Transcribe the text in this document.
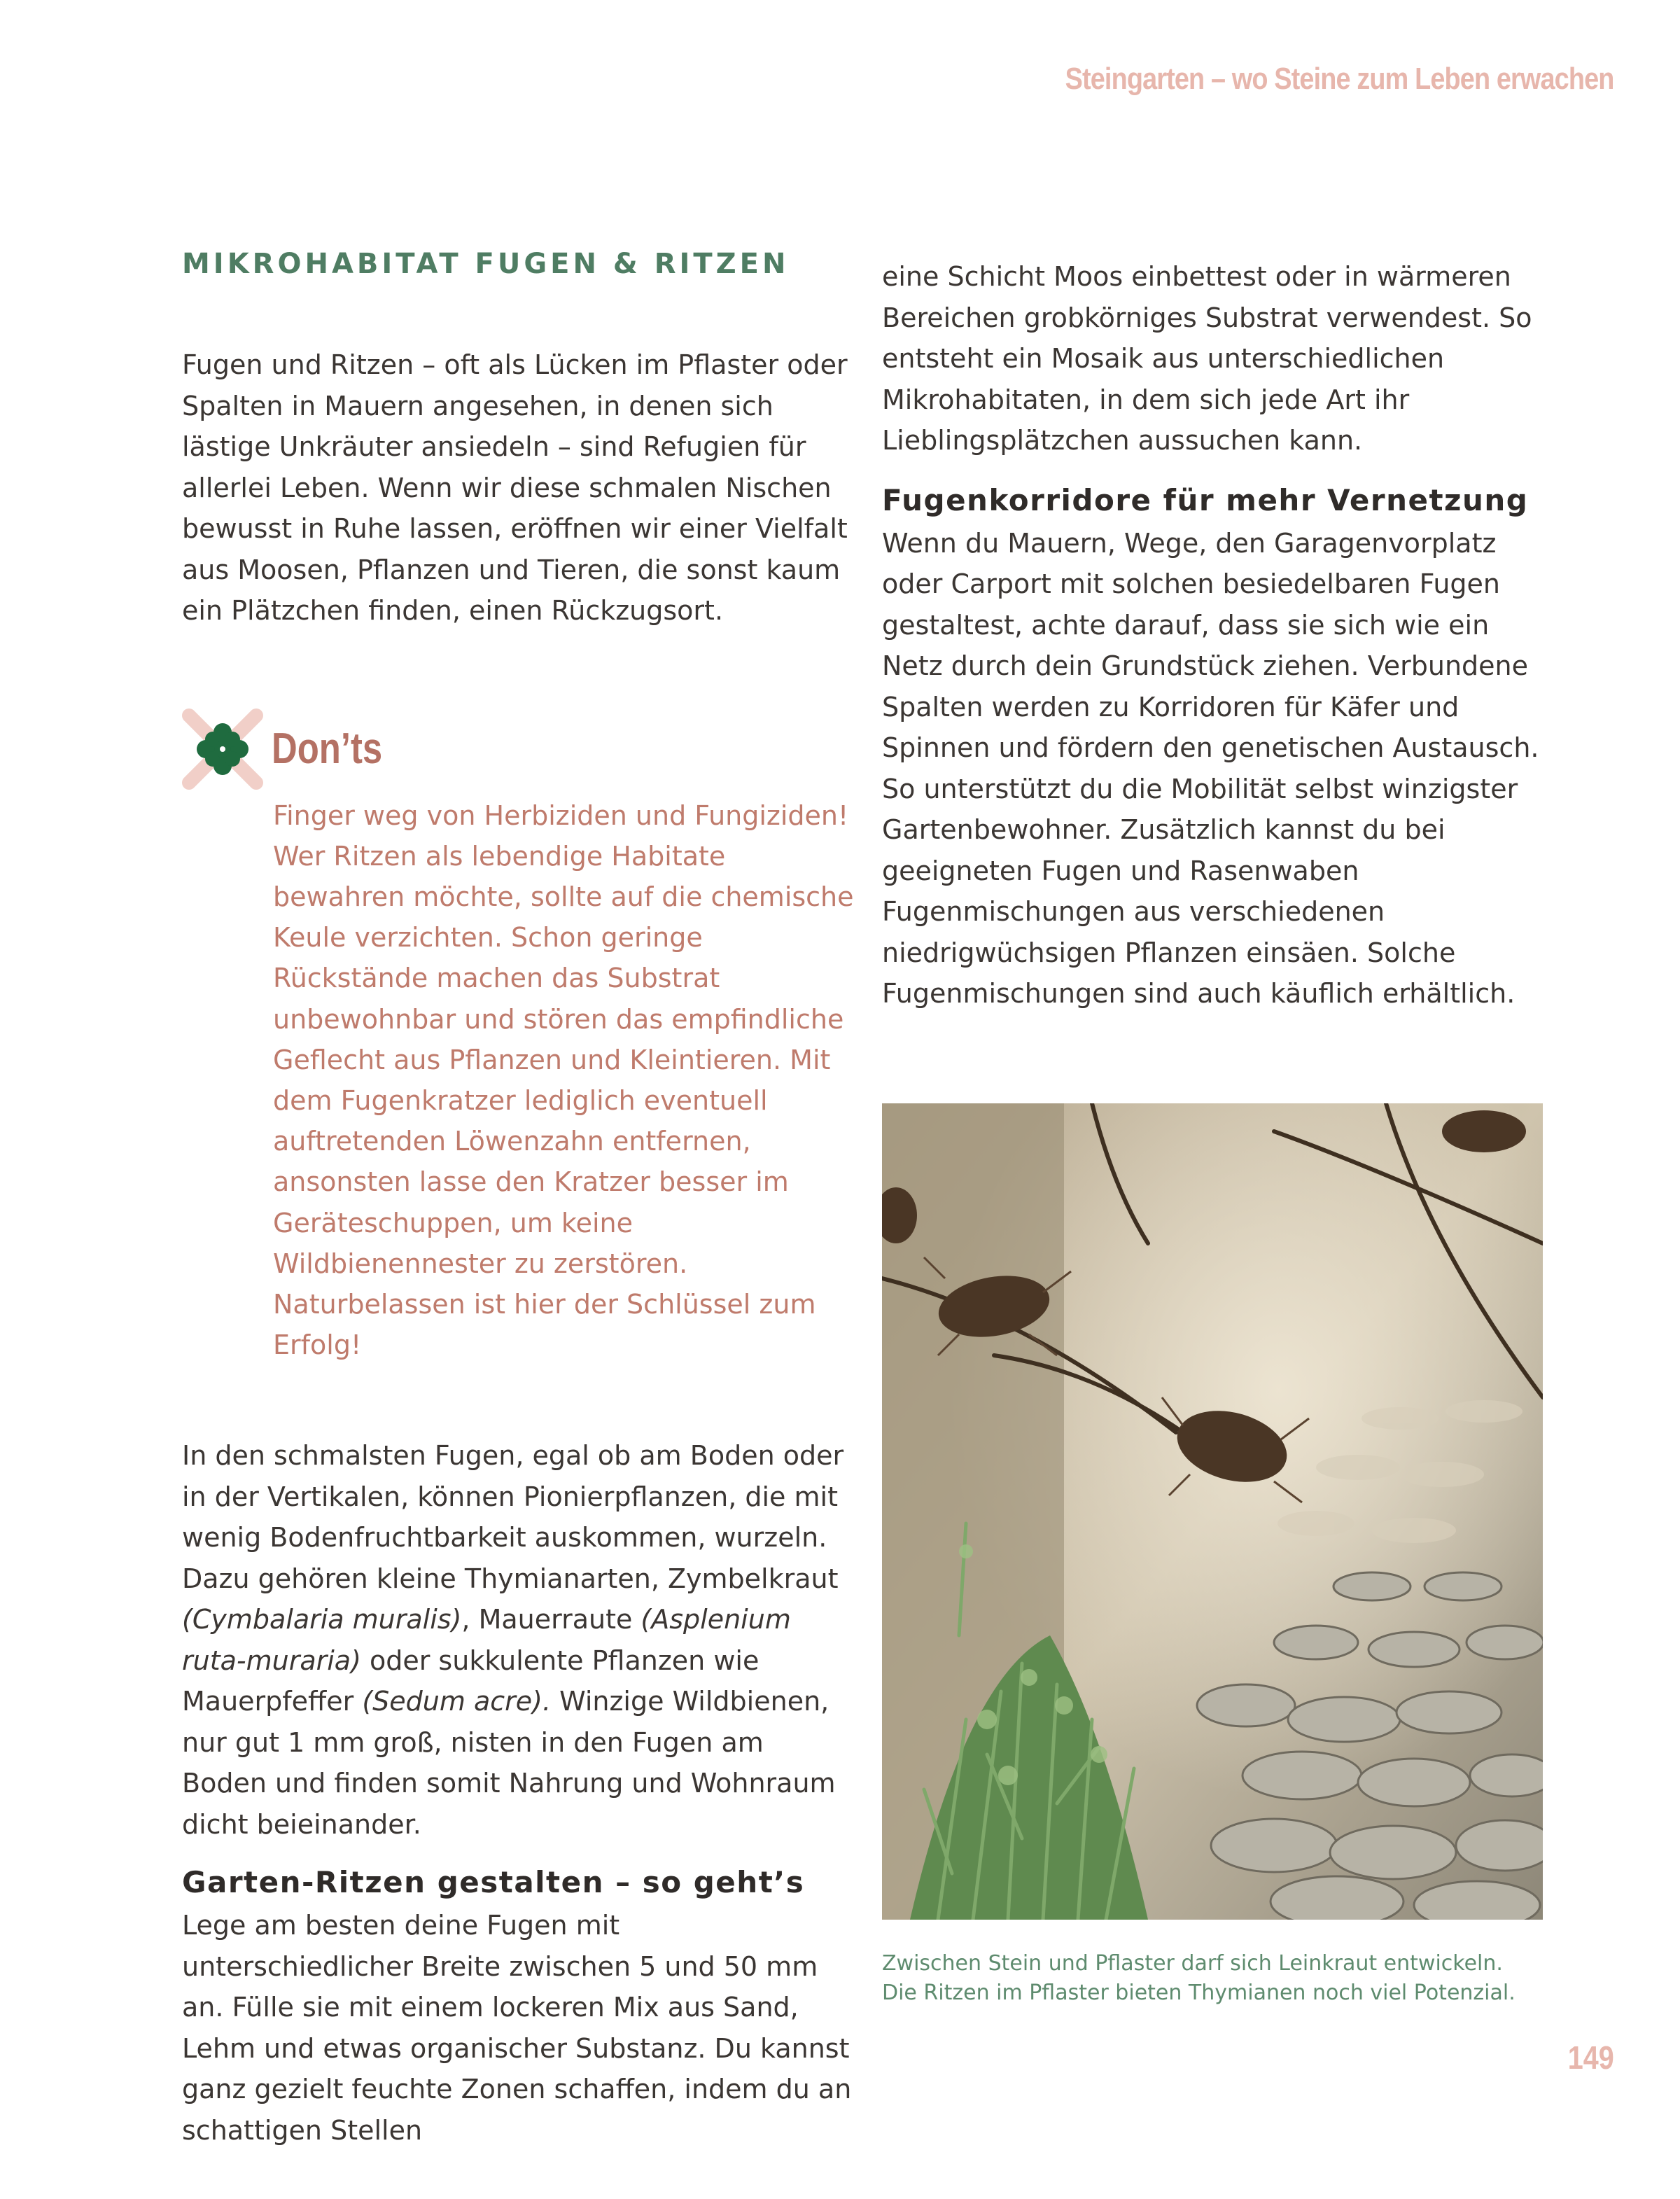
Steingarten – wo Steine zum Leben erwachen
MIKROHABITAT FUGEN & RITZEN

Fugen und Ritzen – oft als Lücken im Pflaster oder Spalten in Mauern angesehen, in denen sich lästige Unkräuter ansiedeln – sind Refugien für allerlei Leben. Wenn wir diese schmalen Nischen bewusst in Ruhe lassen, eröffnen wir einer Vielfalt aus Moosen, Pflanzen und Tieren, die sonst kaum ein Plätzchen finden, einen Rückzugsort.

Don’ts

Finger weg von Herbiziden und Fungiziden! Wer Ritzen als lebendige Habitate bewahren möchte, sollte auf die chemische Keule verzichten. Schon geringe Rückstände machen das Substrat unbewohnbar und stören das empfindliche Geflecht aus Pflanzen und Kleintieren. Mit dem Fugenkratzer lediglich eventuell auftretenden Löwenzahn entfernen, ansonsten lasse den Kratzer besser im Geräteschuppen, um keine Wildbienennester zu zerstören. Naturbelassen ist hier der Schlüssel zum Erfolg!

In den schmalsten Fugen, egal ob am Boden oder in der Vertikalen, können Pionierpflanzen, die mit wenig Bodenfruchtbarkeit auskommen, wurzeln. Dazu gehören kleine Thymianarten, Zymbelkraut (Cymbalaria muralis), Mauerraute (Asplenium ruta-muraria) oder sukkulente Pflanzen wie Mauerpfeffer (Sedum acre). Winzige Wildbienen, nur gut 1 mm groß, nisten in den Fugen am Boden und finden somit Nahrung und Wohnraum dicht beieinander.

Garten-Ritzen gestalten – so geht’s

Lege am besten deine Fugen mit unterschiedlicher Breite zwischen 5 und 50 mm an. Fülle sie mit einem lockeren Mix aus Sand, Lehm und etwas organischer Substanz. Du kannst ganz gezielt feuchte Zonen schaffen, indem du an schattigen Stellen

eine Schicht Moos einbettest oder in wärmeren Bereichen grobkörniges Substrat verwendest. So entsteht ein Mosaik aus unterschiedlichen Mikrohabitaten, in dem sich jede Art ihr Lieblingsplätzchen aussuchen kann.

Fugenkorridore für mehr Vernetzung

Wenn du Mauern, Wege, den Garagenvorplatz oder Carport mit solchen besiedelbaren Fugen gestaltest, achte darauf, dass sie sich wie ein Netz durch dein Grundstück ziehen. Verbundene Spalten werden zu Korridoren für Käfer und Spinnen und fördern den genetischen Austausch. So unterstützt du die Mobilität selbst winzigster Gartenbewohner. Zusätzlich kannst du bei geeigneten Fugen und Rasenwaben Fugenmischungen aus verschiedenen niedrigwüchsigen Pflanzen einsäen. Solche Fugenmischungen sind auch käuflich erhältlich.

Zwischen Stein und Pflaster darf sich Leinkraut entwickeln.
Die Ritzen im Pflaster bieten Thymianen noch viel Potenzial.
149
